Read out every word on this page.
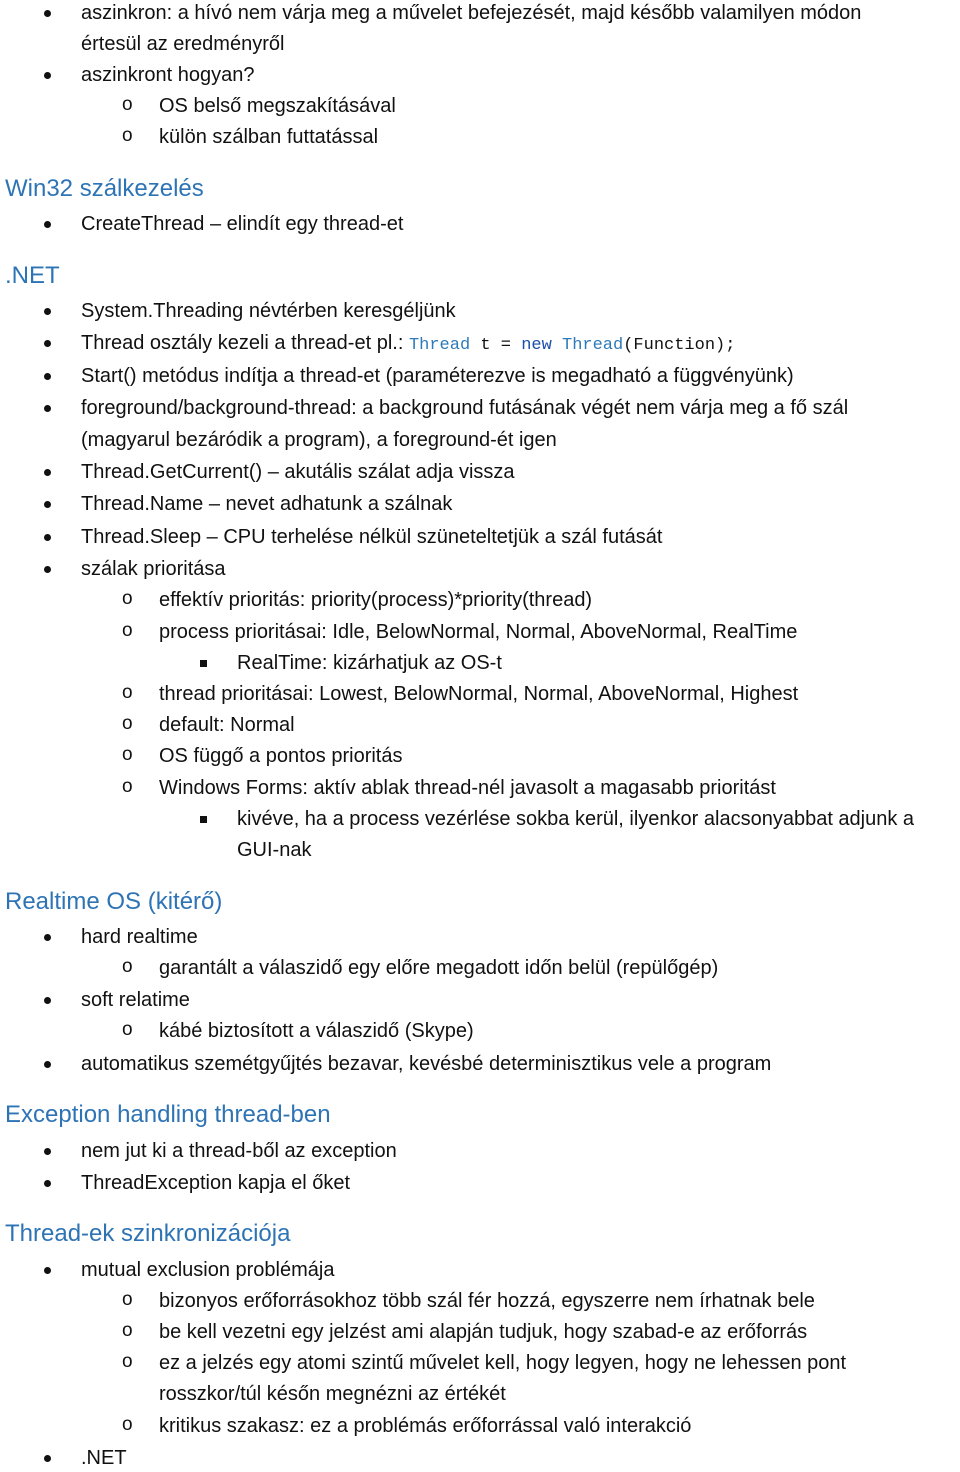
aszinkron: a hívó nem várja meg a művelet befejezését, majd később valamilyen módon
értesül az eredményről
aszinkront hogyan?
o OS belső megszakításával
o külön szálban futtatással
Win32 szálkezelés
CreateThread – elindít egy thread-et
.NET
System.Threading névtérben keresgéljünk
Thread osztály kezeli a thread-et pl.: Thread t = new Thread(Function);
Start() metódus indítja a thread-et (paraméterezve is megadható a függvényünk)
foreground/background-thread: a background futásának végét nem várja meg a fő szál
(magyarul bezáródik a program), a foreground-ét igen
Thread.GetCurrent() – akutális szálat adja vissza
Thread.Name – nevet adhatunk a szálnak
Thread.Sleep – CPU terhelése nélkül szüneteltetjük a szál futását
szálak prioritása
o effektív prioritás: priority(process)*priority(thread)
o process prioritásai: Idle, BelowNormal, Normal, AboveNormal, RealTime
RealTime: kizárhatjuk az OS-t
o thread prioritásai: Lowest, BelowNormal, Normal, AboveNormal, Highest
o default: Normal
o OS függő a pontos prioritás
o Windows Forms: aktív ablak thread-nél javasolt a magasabb prioritást
kivéve, ha a process vezérlése sokba kerül, ilyenkor alacsonyabbat adjunk a
GUI-nak
Realtime OS (kitérő)
hard realtime
o garantált a válaszidő egy előre megadott időn belül (repülőgép)
soft relatime
o kábé biztosított a válaszidő (Skype)
automatikus szemétgyűjtés bezavar, kevésbé determinisztikus vele a program
Exception handling thread-ben
nem jut ki a thread-ből az exception
ThreadException kapja el őket
Thread-ek szinkronizációja
mutual exclusion problémája
o bizonyos erőforrásokhoz több szál fér hozzá, egyszerre nem írhatnak bele
o be kell vezetni egy jelzést ami alapján tudjuk, hogy szabad-e az erőforrás
o ez a jelzés egy atomi szintű művelet kell, hogy legyen, hogy ne lehessen pont
rosszkor/túl későn megnézni az értékét
o kritikus szakasz: ez a problémás erőforrással való interakció
.NET
